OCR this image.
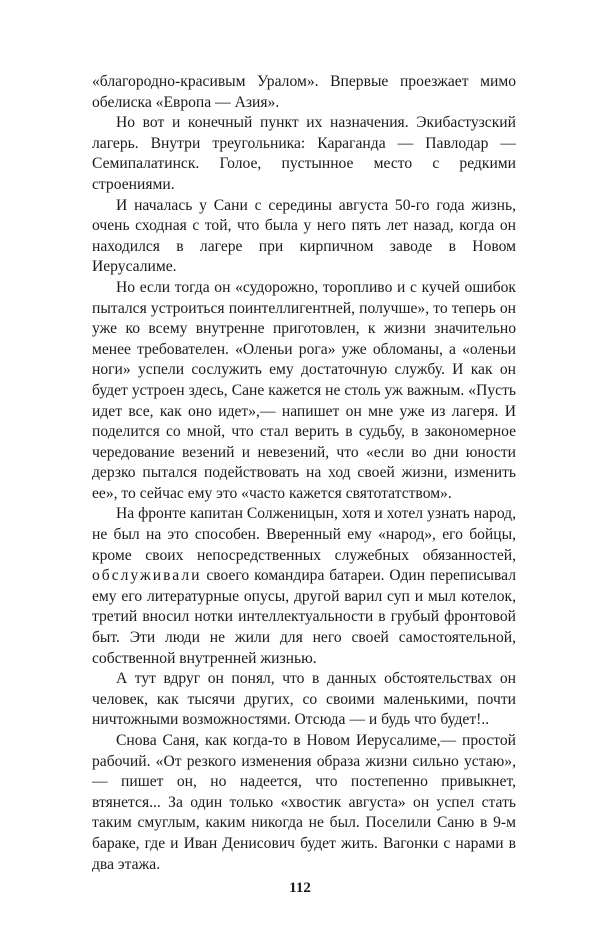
«благородно-красивым Уралом». Впервые проезжает мимо обелиска «Европа — Азия».

Но вот и конечный пункт их назначения. Экибастузский лагерь. Внутри треугольника: Караганда — Павлодар — Семипалатинск. Голое, пустынное место с редкими строениями.

И началась у Сани с середины августа 50-го года жизнь, очень сходная с той, что была у него пять лет назад, когда он находился в лагере при кирпичном заводе в Новом Иерусалиме.

Но если тогда он «судорожно, торопливо и с кучей ошибок пытался устроиться поинтеллигентней, получше», то теперь он уже ко всему внутренне приготовлен, к жизни значительно менее требователен. «Оленьи рога» уже обломаны, а «оленьи ноги» успели сослужить ему достаточную службу. И как он будет устроен здесь, Сане кажется не столь уж важным. «Пусть идет все, как оно идет»,— напишет он мне уже из лагеря. И поделится со мной, что стал верить в судьбу, в закономерное чередование везений и невезений, что «если во дни юности дерзко пытался подействовать на ход своей жизни, изменить ее», то сейчас ему это «часто кажется святотатством».

На фронте капитан Солженицын, хотя и хотел узнать народ, не был на это способен. Вверенный ему «народ», его бойцы, кроме своих непосредственных служебных обязанностей, обслуживали своего командира батареи. Один переписывал ему его литературные опусы, другой варил суп и мыл котелок, третий вносил нотки интеллектуальности в грубый фронтовой быт. Эти люди не жили для него своей самостоятельной, собственной внутренней жизнью.

А тут вдруг он понял, что в данных обстоятельствах он человек, как тысячи других, со своими маленькими, почти ничтожными возможностями. Отсюда — и будь что будет!..

Снова Саня, как когда-то в Новом Иерусалиме,— простой рабочий. «От резкого изменения образа жизни сильно устаю»,— пишет он, но надеется, что постепенно привыкнет, втянется... За один только «хвостик августа» он успел стать таким смуглым, каким никогда не был. Поселили Саню в 9-м бараке, где и Иван Денисович будет жить. Вагонки с нарами в два этажа.

112
